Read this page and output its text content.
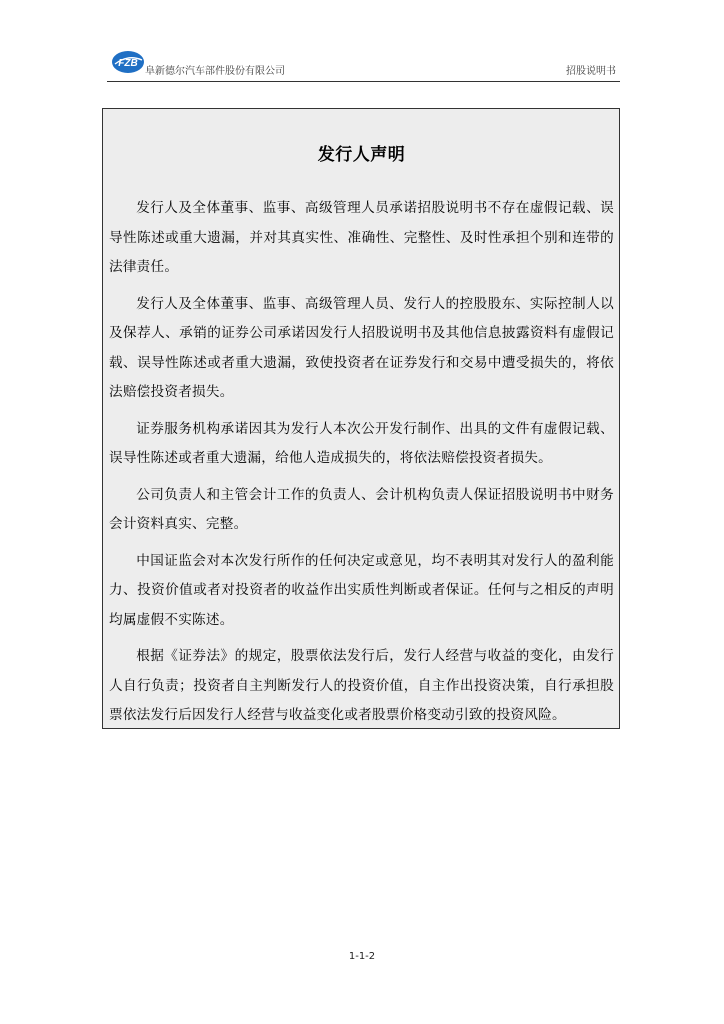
FZB
阜新德尔汽车部件股份有限公司	招股说明书
发行人声明

发行人及全体董事、监事、高级管理人员承诺招股说明书不存在虚假记载、误导性陈述或重大遗漏，并对其真实性、准确性、完整性、及时性承担个别和连带的法律责任。

发行人及全体董事、监事、高级管理人员、发行人的控股股东、实际控制人以及保荐人、承销的证券公司承诺因发行人招股说明书及其他信息披露资料有虚假记载、误导性陈述或者重大遗漏，致使投资者在证券发行和交易中遭受损失的，将依法赔偿投资者损失。

证券服务机构承诺因其为发行人本次公开发行制作、出具的文件有虚假记载、误导性陈述或者重大遗漏，给他人造成损失的，将依法赔偿投资者损失。

公司负责人和主管会计工作的负责人、会计机构负责人保证招股说明书中财务会计资料真实、完整。

中国证监会对本次发行所作的任何决定或意见，均不表明其对发行人的盈利能力、投资价值或者对投资者的收益作出实质性判断或者保证。任何与之相反的声明均属虚假不实陈述。

根据《证券法》的规定，股票依法发行后，发行人经营与收益的变化，由发行人自行负责；投资者自主判断发行人的投资价值，自主作出投资决策，自行承担股票依法发行后因发行人经营与收益变化或者股票价格变动引致的投资风险。

1-1-2
